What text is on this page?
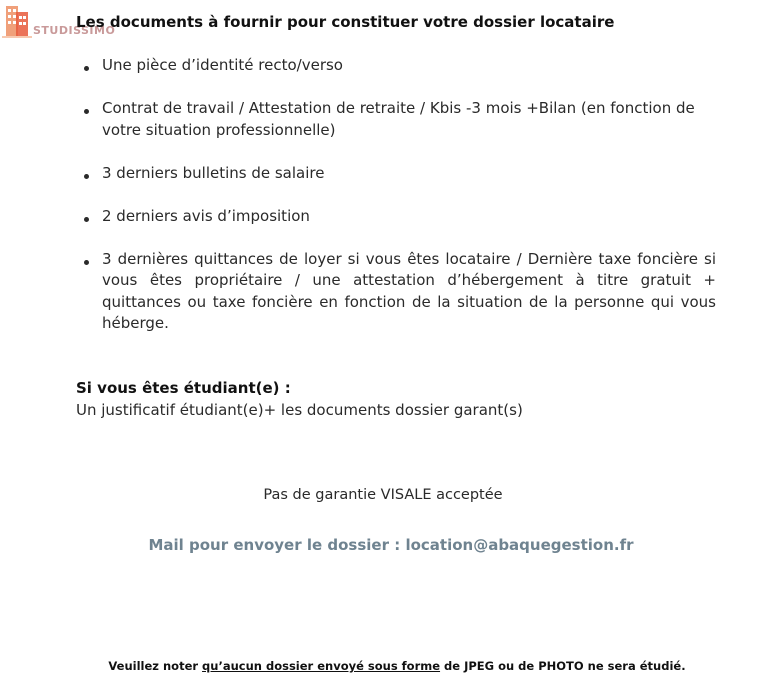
STUDISSIMO
Les documents à fournir pour constituer votre dossier locataire
Une pièce d’identité recto/verso
Contrat de travail / Attestation de retraite / Kbis -3 mois +Bilan (en fonction de votre situation professionnelle)
3 derniers bulletins de salaire
2 derniers avis d’imposition
3 dernières quittances de loyer si vous êtes locataire / Dernière taxe foncière si vous êtes propriétaire / une attestation d’hébergement à titre gratuit + quittances ou taxe foncière en fonction de la situation de la personne qui vous héberge.
Si vous êtes étudiant(e) :
Un justificatif étudiant(e)+ les documents dossier garant(s)
Pas de garantie VISALE acceptée
Mail pour envoyer le dossier : location@abaquegestion.fr
Veuillez noter qu’aucun dossier envoyé sous forme de JPEG ou de PHOTO ne sera étudié.
